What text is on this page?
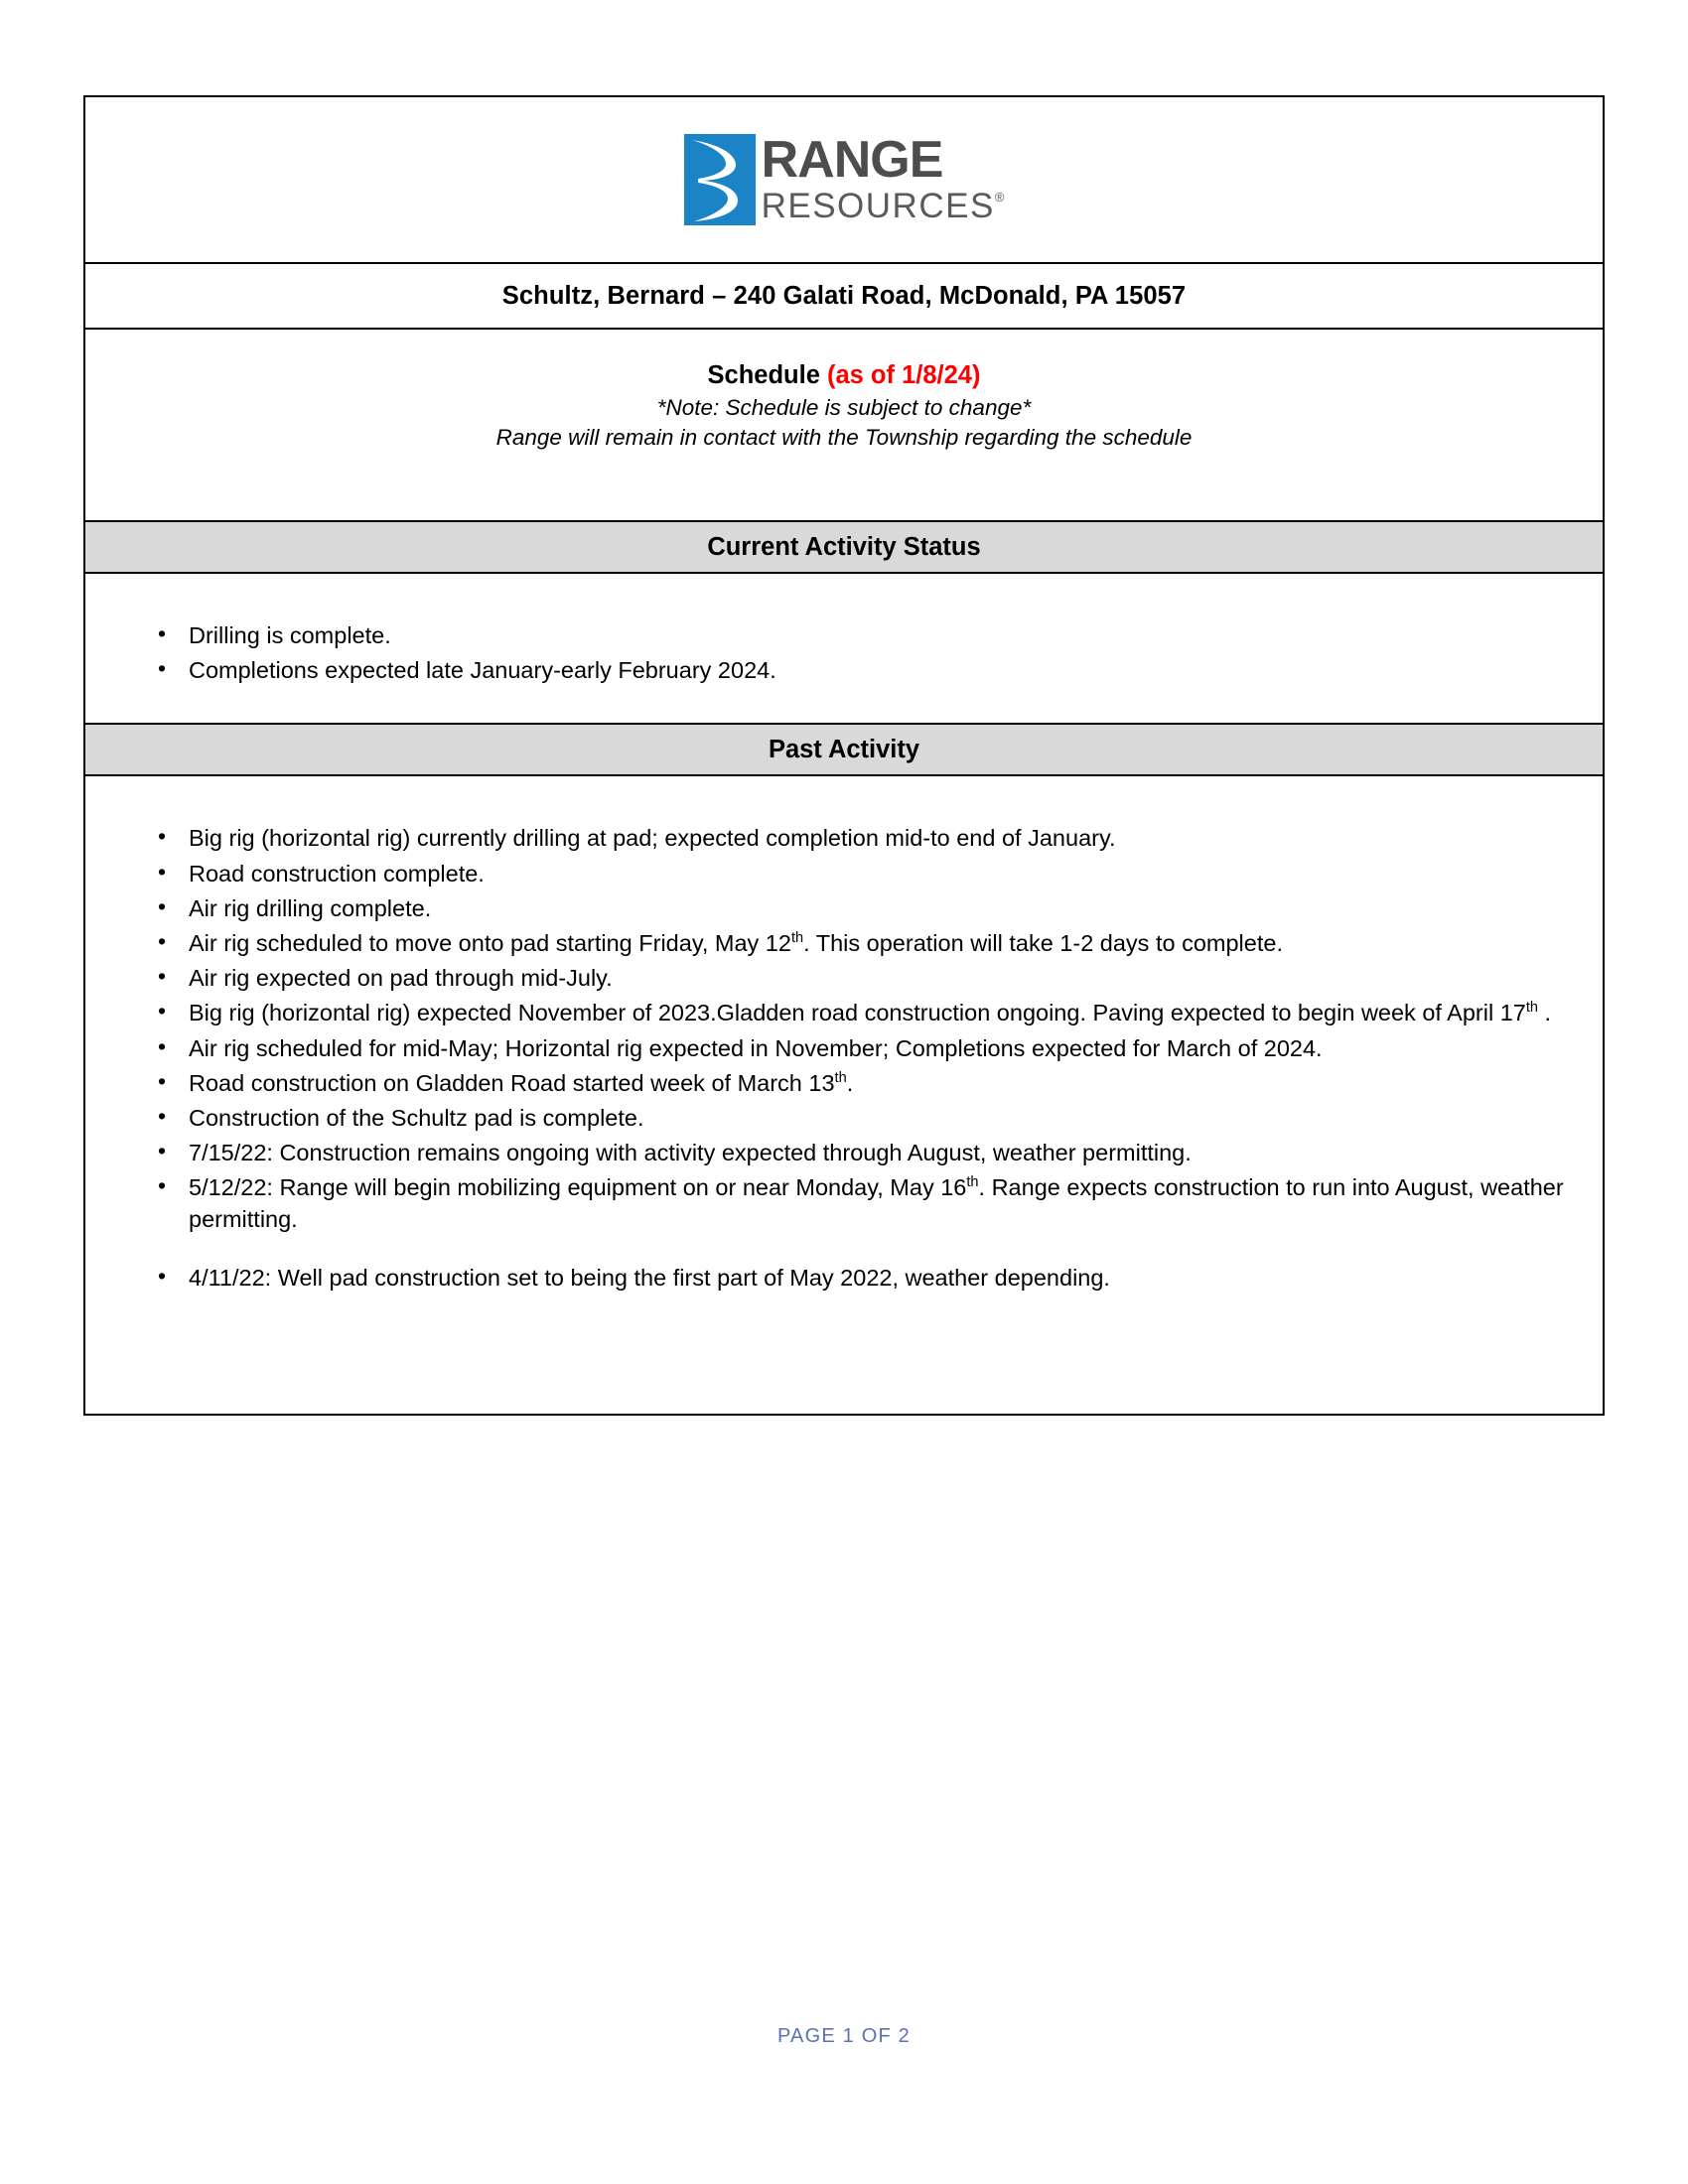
RANGE
RESOURCES ®
Schultz, Bernard – 240 Galati Road, McDonald, PA 15057
Schedule (as of 1/8/24)
*Note: Schedule is subject to change*
Range will remain in contact with the Township regarding the schedule
Current Activity Status
• Drilling is complete.
• Completions expected late January-early February 2024.
Past Activity
• Big rig (horizontal rig) currently drilling at pad; expected completion mid-to end of January.
• Road construction complete.
• Air rig drilling complete.
• Air rig scheduled to move onto pad starting Friday, May 12th. This operation will take 1-2 days to complete.
• Air rig expected on pad through mid-July.
• Big rig (horizontal rig) expected November of 2023.Gladden road construction ongoing. Paving expected to begin week of April 17th .
• Air rig scheduled for mid-May; Horizontal rig expected in November; Completions expected for March of 2024.
• Road construction on Gladden Road started week of March 13th.
• Construction of the Schultz pad is complete.
• 7/15/22: Construction remains ongoing with activity expected through August, weather permitting.
• 5/12/22: Range will begin mobilizing equipment on or near Monday, May 16th. Range expects construction to run into August, weather permitting.
• 4/11/22: Well pad construction set to being the first part of May 2022, weather depending.
PAGE 1 OF 2
